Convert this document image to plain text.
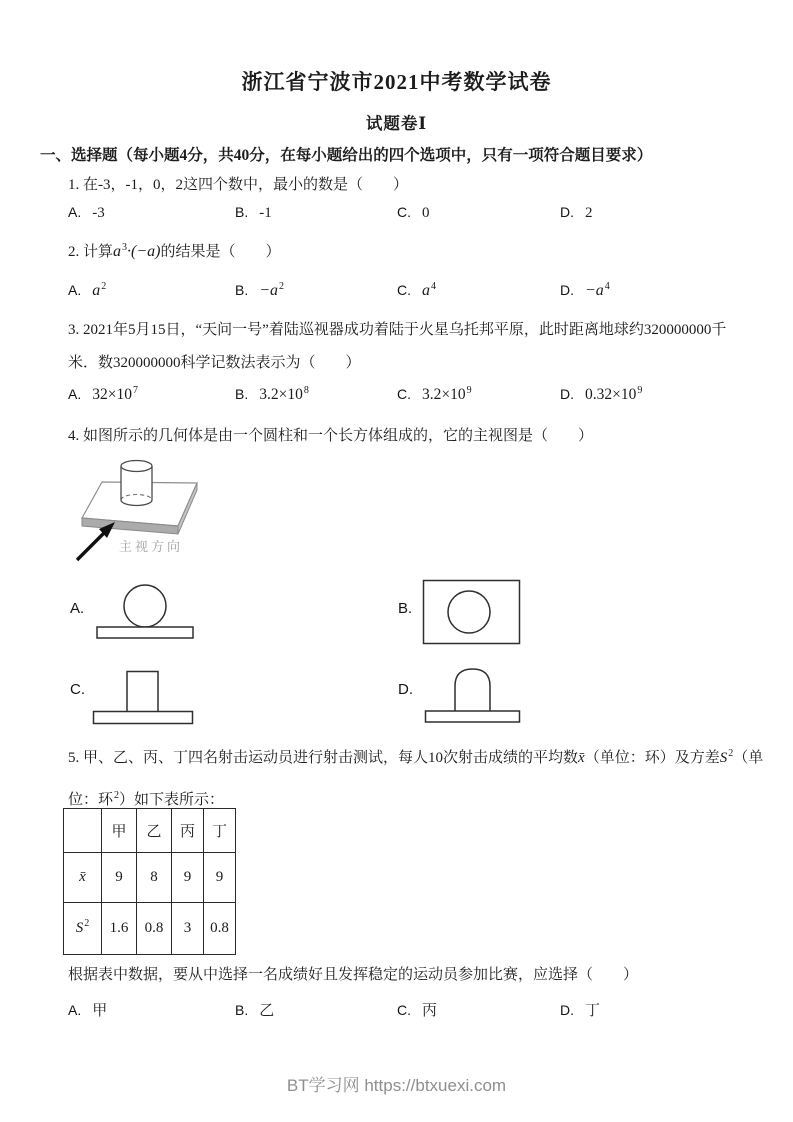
浙江省宁波市2021中考数学试卷
试题卷Ⅰ
一、选择题（每小题4分，共40分，在每小题给出的四个选项中，只有一项符合题目要求）
1. 在-3，-1，0，2这四个数中，最小的数是（　　）
A. -3	B. -1	C. 0	D. 2
2. 计算$a^3\cdot(-a)$的结果是（　　）
A. $a^2$	B. $-a^2$	C. $a^4$	D. $-a^4$
3. 2021年5月15日，“天问一号”着陆巡视器成功着陆于火星乌托邦平原，此时距离地球约320000000千
米．数320000000科学记数法表示为（　　）
A. $32\times 10^7$	B. $3.2\times 10^8$	C. $3.2\times 10^9$	D. $0.32\times 10^9$
4. 如图所示的几何体是由一个圆柱和一个长方体组成的，它的主视图是（　　）
主视方向
A.	B.
C.	D.
5. 甲、乙、丙、丁四名射击运动员进行射击测试，每人10次射击成绩的平均数x̄（单位：环）及方差$S^2$（单
位：环$^2$）如下表所示：
	甲	乙	丙	丁
x̄	9	8	9	9
$S^2$	1.6	0.8	3	0.8
根据表中数据，要从中选择一名成绩好且发挥稳定的运动员参加比赛，应选择（　　）
A. 甲	B. 乙	C. 丙	D. 丁
BT学习网 https://btxuexi.com
